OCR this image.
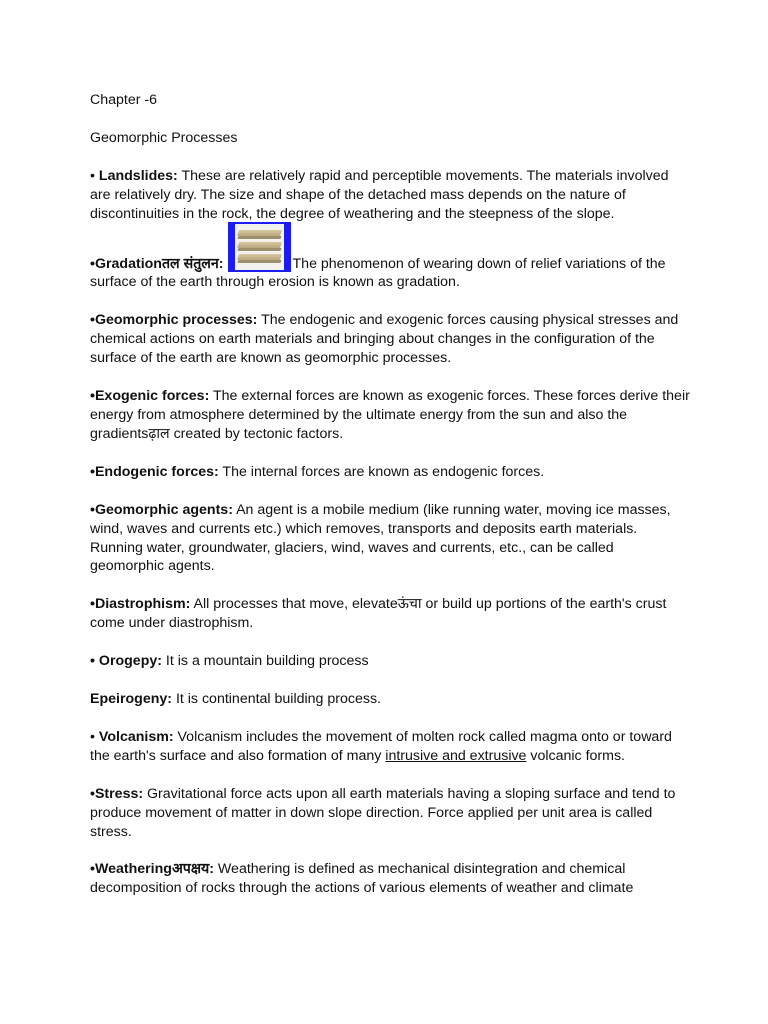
Chapter -6

Geomorphic Processes

• Landslides: These are relatively rapid and perceptible movements. The materials involved are relatively dry. The size and shape of the detached mass depends on the nature of discontinuities in the rock, the degree of weathering and the steepness of the slope.

•Gradationतल संतुलन:	The phenomenon of wearing down of relief variations of the surface of the earth through erosion is known as gradation.

•Geomorphic processes: The endogenic and exogenic forces causing physical stresses and chemical actions on earth materials and bringing about changes in the configuration of the surface of the earth are known as geomorphic processes.

•Exogenic forces: The external forces are known as exogenic forces. These forces derive their energy from atmosphere determined by the ultimate energy from the sun and also the gradientsढ़ाल created by tectonic factors.

•Endogenic forces: The internal forces are known as endogenic forces.

•Geomorphic agents: An agent is a mobile medium (like running water, moving ice masses, wind, waves and currents etc.) which removes, transports and deposits earth materials. Running water, groundwater, glaciers, wind, waves and currents, etc., can be called geomorphic agents.

•Diastrophism: All processes that move, elevateऊंचा or build up portions of the earth's crust come under diastrophism.

• Orogepy: It is a mountain building process

Epeirogeny: It is continental building process.

• Volcanism: Volcanism includes the movement of molten rock called magma onto or toward the earth's surface and also formation of many intrusive and extrusive volcanic forms.

•Stress: Gravitational force acts upon all earth materials having a sloping surface and tend to produce movement of matter in down slope direction. Force applied per unit area is called stress.

•Weatheringअपक्षय: Weathering is defined as mechanical disintegration and chemical decomposition of rocks through the actions of various elements of weather and climate
